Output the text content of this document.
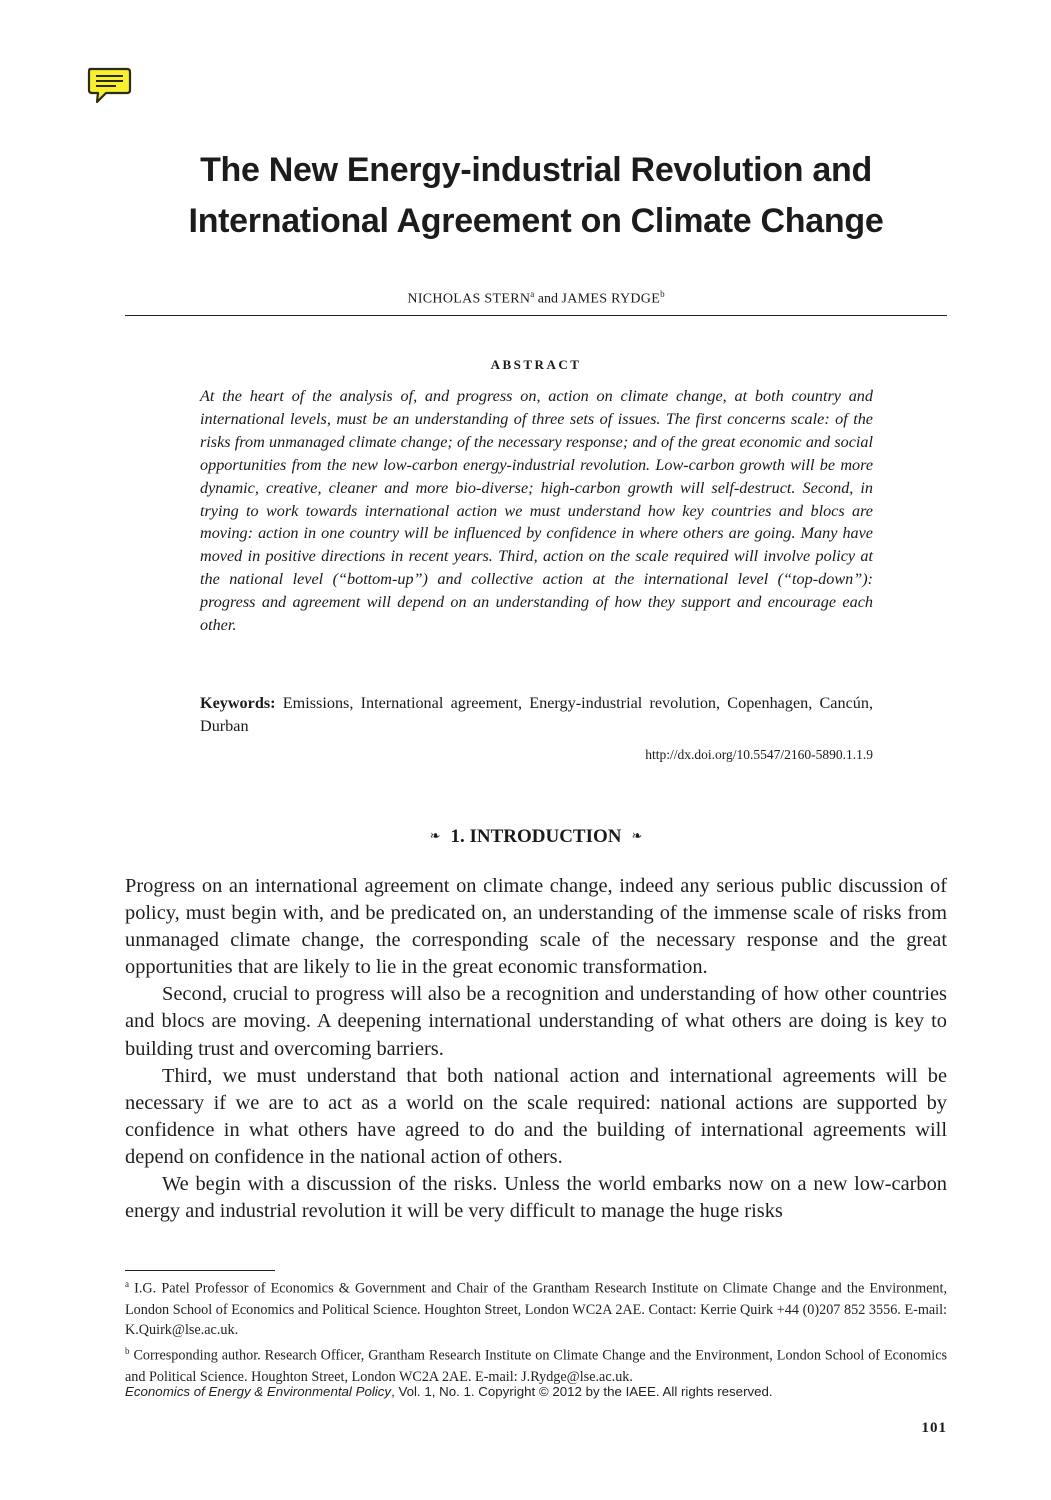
The New Energy-industrial Revolution and
International Agreement on Climate Change
NICHOLAS STERN$^a$ and JAMES RYDGE$^b$
ABSTRACT

At the heart of the analysis of, and progress on, action on climate change, at both country and international levels, must be an understanding of three sets of issues. The first concerns scale: of the risks from unmanaged climate change; of the necessary response; and of the great economic and social opportunities from the new low-carbon energy-industrial revolution. Low-carbon growth will be more dynamic, creative, cleaner and more bio-diverse; high-carbon growth will self-destruct. Second, in trying to work towards international action we must understand how key countries and blocs are moving: action in one country will be influenced by confidence in where others are going. Many have moved in positive directions in recent years. Third, action on the scale required will involve policy at the national level (“bottom-up”) and collective action at the international level (“top-down”): progress and agreement will depend on an understanding of how they support and encourage each other.

Keywords: Emissions, International agreement, Energy-industrial revolution, Copenhagen, Cancún, Durban

http://dx.doi.org/10.5547/2160-5890.1.1.9
❧ 1. INTRODUCTION ❧

Progress on an international agreement on climate change, indeed any serious public discussion of policy, must begin with, and be predicated on, an understanding of the immense scale of risks from unmanaged climate change, the corresponding scale of the necessary response and the great opportunities that are likely to lie in the great economic transformation.

Second, crucial to progress will also be a recognition and understanding of how other countries and blocs are moving. A deepening international understanding of what others are doing is key to building trust and overcoming barriers.

Third, we must understand that both national action and international agreements will be necessary if we are to act as a world on the scale required: national actions are supported by confidence in what others have agreed to do and the building of international agreements will depend on confidence in the national action of others.

We begin with a discussion of the risks. Unless the world embarks now on a new low-carbon energy and industrial revolution it will be very difficult to manage the huge risks

$^a$ I.G. Patel Professor of Economics & Government and Chair of the Grantham Research Institute on Climate Change and the Environment, London School of Economics and Political Science. Houghton Street, London WC2A 2AE. Contact: Kerrie Quirk +44 (0)207 852 3556. E-mail: K.Quirk@lse.ac.uk.

$^b$ Corresponding author. Research Officer, Grantham Research Institute on Climate Change and the Environment, London School of Economics and Political Science. Houghton Street, London WC2A 2AE. E-mail: J.Rydge@lse.ac.uk.

Economics of Energy & Environmental Policy, Vol. 1, No. 1. Copyright © 2012 by the IAEE. All rights reserved.
101
